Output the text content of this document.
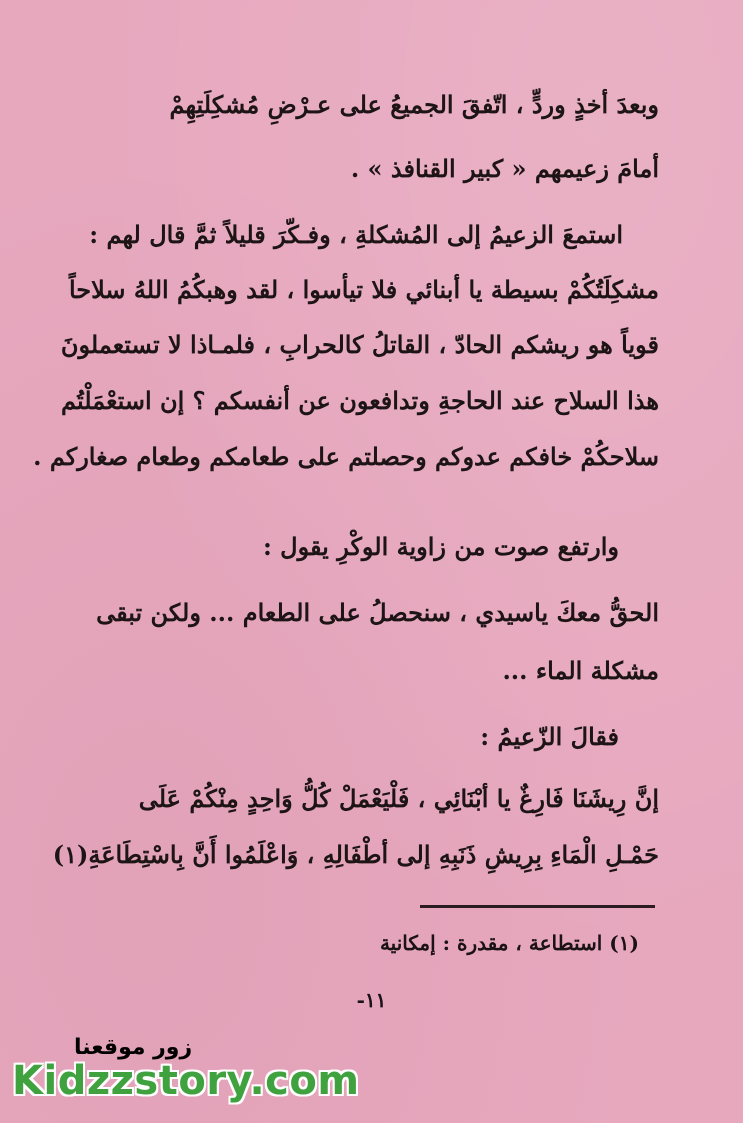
وبعدَ أخذٍ وردٍّ ، اتّفقَ الجميعُ على عـرْضِ مُشكِلَتِهِمْ
أمامَ زعيمهم « كبير القنافذ » .
استمعَ الزعيمُ إلى المُشكلةِ ، وفـكّرَ قليلاً ثمَّ قال لهم :
مشكِلَتُكُمْ بسيطة يا أبنائي فلا تيأسوا ، لقد وهبكُمُ اللهُ سلاحاً
قوياً هو ريشكم الحادّ ، القاتلُ كالحرابِ ، فلمـاذا لا تستعملونَ
هذا السلاح عند الحاجةِ وتدافعون عن أنفسكم ؟ إن استعْمَلْتُم
سلاحكُمْ خافكم عدوكم وحصلتم على طعامكم وطعام صغاركم .
وارتفع صوت من زاوية الوكْرِ يقول :
الحقُّ معكَ ياسيدي ، سنحصلُ على الطعام ... ولكن تبقى
مشكلة الماء ...
فقالَ الزّعيمُ :
إنَّ رِيشَنَا فَارِغٌ يا أبْنَائِي ، فَلْيَعْمَلْ كُلُّ وَاحِدٍ مِنْكُمْ عَلَى
حَمْـلِ الْمَاءِ بِرِيشِ ذَنَبِهِ إلى أطْفَالِهِ ، وَاعْلَمُوا أَنَّ بِاسْتِطَاعَةِ(١)
(١) استطاعة ، مقدرة : إمكانية
-١١
زور موقعنا
Kidzzstory.com
